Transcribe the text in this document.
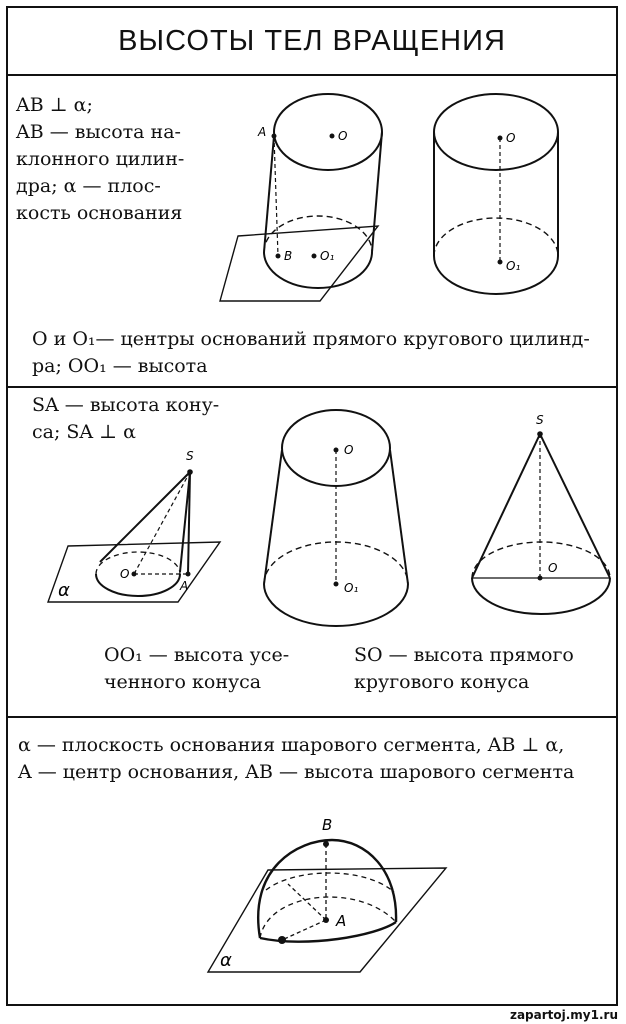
ВЫСОТЫ ТЕЛ ВРАЩЕНИЯ
AB ⊥ α;
AB — высота на-
клонного цилин-
дра; α — плос-
кость основания
A
B
O
O₁
O
O₁
O и O₁— центры оснований прямого кругового цилинд-
ра; OO₁ — высота
SA — высота кону-
са; SA ⊥ α
S
O
A
α
O
O₁
S
O
OO₁ — высота усе-
ченного конуса
SO — высота прямого
кругового конуса
α — плоскость основания шарового сегмента, AB ⊥ α,
A — центр основания, AB — высота шарового сегмента
B
A
α
zapartoj.my1.ru
